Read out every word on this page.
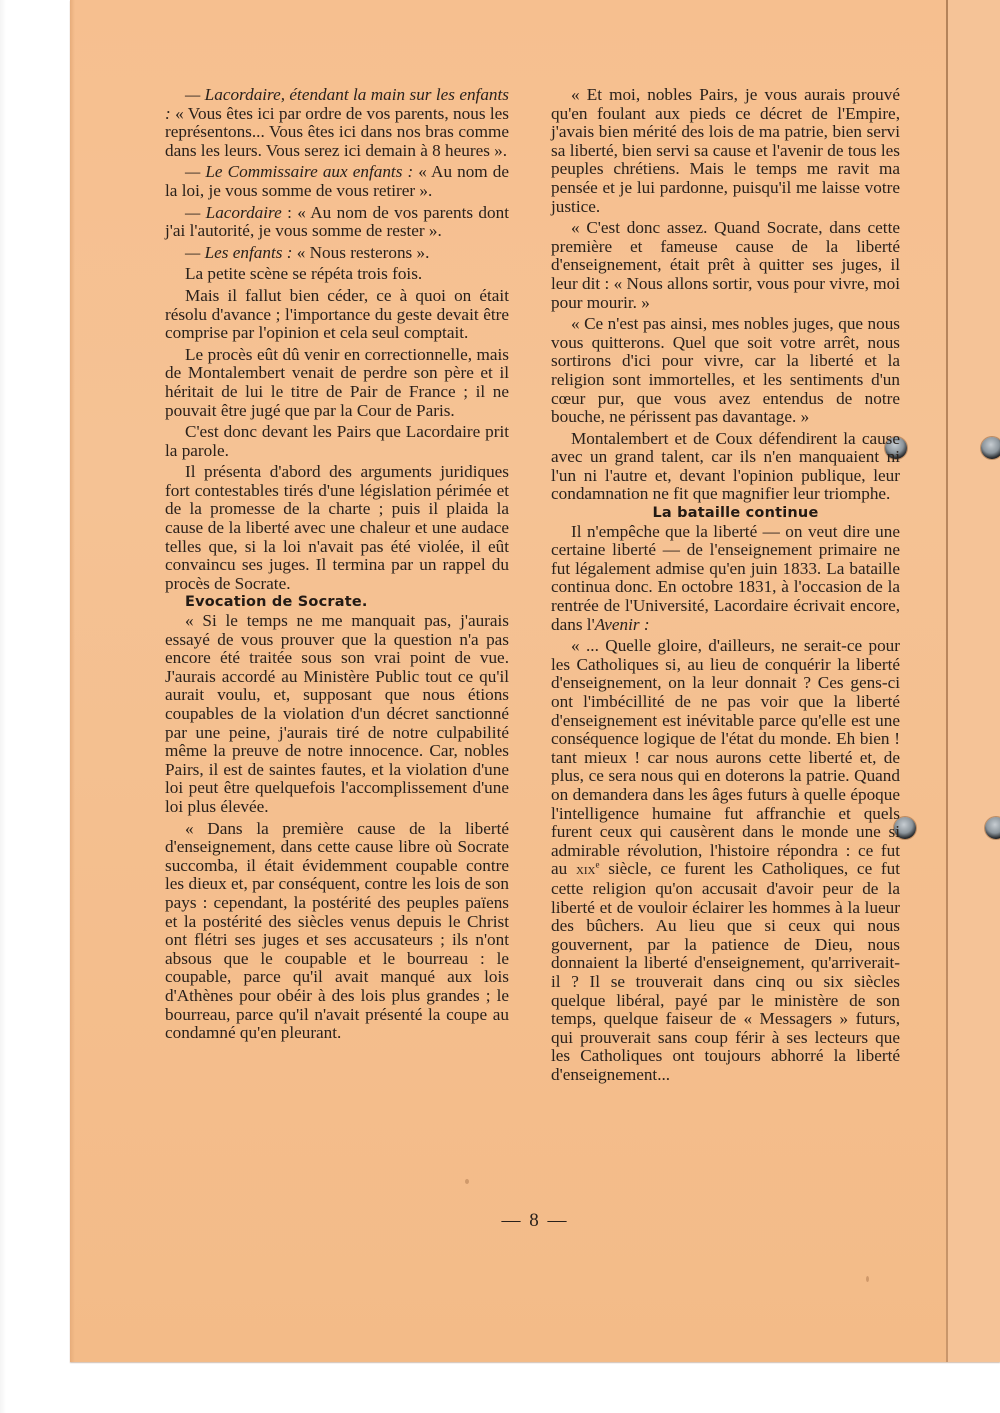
— Lacordaire, étendant la main sur les enfants : « Vous êtes ici par ordre de vos parents, nous les représentons... Vous êtes ici dans nos bras comme dans les leurs. Vous serez ici demain à 8 heures ».

— Le Commissaire aux enfants : « Au nom de la loi, je vous somme de vous retirer ».

— Lacordaire : « Au nom de vos parents dont j'ai l'autorité, je vous somme de rester ».

— Les enfants : « Nous resterons ».

La petite scène se répéta trois fois.

Mais il fallut bien céder, ce à quoi on était résolu d'avance ; l'importance du geste devait être comprise par l'opinion et cela seul comptait.

Le procès eût dû venir en correctionnelle, mais de Montalembert venait de perdre son père et il héritait de lui le titre de Pair de France ; il ne pouvait être jugé que par la Cour de Paris.

C'est donc devant les Pairs que Lacordaire prit la parole.

Il présenta d'abord des arguments juridiques fort contestables tirés d'une législation périmée et de la promesse de la charte ; puis il plaida la cause de la liberté avec une chaleur et une audace telles que, si la loi n'avait pas été violée, il eût convaincu ses juges. Il termina par un rappel du procès de Socrate.

Evocation de Socrate.

« Si le temps ne me manquait pas, j'aurais essayé de vous prouver que la question n'a pas encore été traitée sous son vrai point de vue. J'aurais accordé au Ministère Public tout ce qu'il aurait voulu, et, supposant que nous étions coupables de la violation d'un décret sanctionné par une peine, j'aurais tiré de notre culpabilité même la preuve de notre innocence. Car, nobles Pairs, il est de saintes fautes, et la violation d'une loi peut être quelquefois l'accomplissement d'une loi plus élevée.

« Dans la première cause de la liberté d'enseignement, dans cette cause libre où Socrate succomba, il était évidemment coupable contre les dieux et, par conséquent, contre les lois de son pays : cependant, la postérité des peuples païens et la postérité des siècles venus depuis le Christ ont flétri ses juges et ses accusateurs ; ils n'ont absous que le coupable et le bourreau : le coupable, parce qu'il avait manqué aux lois d'Athènes pour obéir à des lois plus grandes ; le bourreau, parce qu'il n'avait présenté la coupe au condamné qu'en pleurant.

« Et moi, nobles Pairs, je vous aurais prouvé qu'en foulant aux pieds ce décret de l'Empire, j'avais bien mérité des lois de ma patrie, bien servi sa liberté, bien servi sa cause et l'avenir de tous les peuples chrétiens. Mais le temps me ravit ma pensée et je lui pardonne, puisqu'il me laisse votre justice.

« C'est donc assez. Quand Socrate, dans cette première et fameuse cause de la liberté d'enseignement, était prêt à quitter ses juges, il leur dit : « Nous allons sortir, vous pour vivre, moi pour mourir. »

« Ce n'est pas ainsi, mes nobles juges, que nous vous quitterons. Quel que soit votre arrêt, nous sortirons d'ici pour vivre, car la liberté et la religion sont immortelles, et les sentiments d'un cœur pur, que vous avez entendus de notre bouche, ne périssent pas davantage. »

Montalembert et de Coux défendirent la cause avec un grand talent, car ils n'en manquaient ni l'un ni l'autre et, devant l'opinion publique, leur condamnation ne fit que magnifier leur triomphe.

La bataille continue

Il n'empêche que la liberté — on veut dire une certaine liberté — de l'enseignement primaire ne fut légalement admise qu'en juin 1833. La bataille continua donc. En octobre 1831, à l'occasion de la rentrée de l'Université, Lacordaire écrivait encore, dans l'Avenir :

« ... Quelle gloire, d'ailleurs, ne serait-ce pour les Catholiques si, au lieu de conquérir la liberté d'enseignement, on la leur donnait ? Ces gens-ci ont l'imbécillité de ne pas voir que la liberté d'enseignement est inévitable parce qu'elle est une conséquence logique de l'état du monde. Eh bien ! tant mieux ! car nous aurons cette liberté et, de plus, ce sera nous qui en doterons la patrie. Quand on demandera dans les âges futurs à quelle époque l'intelligence humaine fut affranchie et quels furent ceux qui causèrent dans le monde une si admirable révolution, l'histoire répondra : ce fut au xix$^e$ siècle, ce furent les Catholiques, ce fut cette religion qu'on accusait d'avoir peur de la liberté et de vouloir éclairer les hommes à la lueur des bûchers. Au lieu que si ceux qui nous gouvernent, par la patience de Dieu, nous donnaient la liberté d'enseignement, qu'arriverait-il ? Il se trouverait dans cinq ou six siècles quelque libéral, payé par le ministère de son temps, quelque faiseur de « Messagers » futurs, qui prouverait sans coup férir à ses lecteurs que les Catholiques ont toujours abhorré la liberté d'enseignement...

— 8 —
